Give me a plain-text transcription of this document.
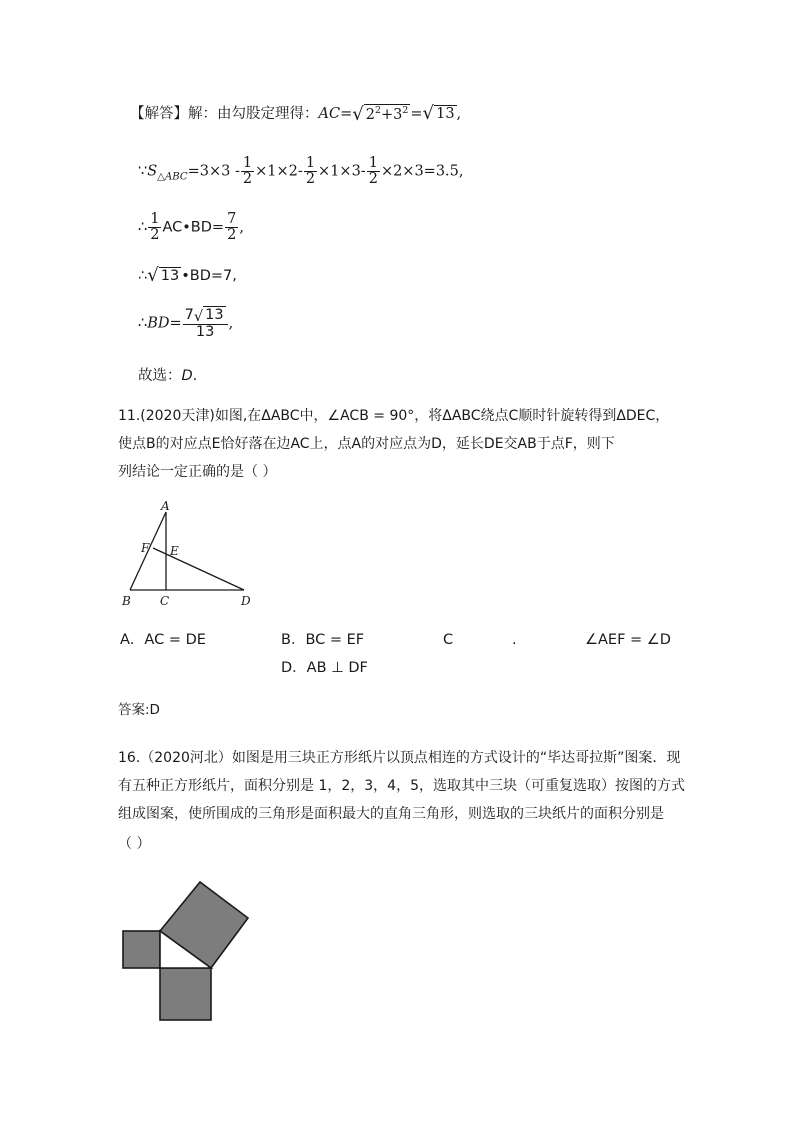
【解答】解：由勾股定理得：AC= √ $2^2+3^2$ = √ 13 ,
$\because S_{\triangle ABC}=3\times 3 - \frac{1}{2} \times 1\times 2- \frac{1}{2} \times 1\times 3- \frac{1}{2} \times 2\times 3=3.5$,
∴ $\frac{1}{2}$ AC•BD= $\frac{7}{2}$ ,
∴ √ 13 •BD=7,
∴BD= $\frac{7 √ 13}{13}$ ,
故选：D.
11.(2020天津)如图,在ΔABC中，∠ACB = 90°，将ΔABC绕点C顺时针旋转得到ΔDEC，
使点B的对应点E恰好落在边AC上，点A的对应点为D，延长DE交AB于点F，则下
列结论一定正确的是（ ）
A
F E
B C	D
A．AC = DE	B．BC = EF	C	.	∠AEF = ∠D
D．AB ⊥ DF
答案:D
16.（2020河北）如图是用三块正方形纸片以顶点相连的方式设计的“毕达哥拉斯”图案．现
有五种正方形纸片，面积分别是 1，2，3，4，5，选取其中三块（可重复选取）按图的方式
组成图案，使所围成的三角形是面积最大的直角三角形，则选取的三块纸片的面积分别是
（ ）
